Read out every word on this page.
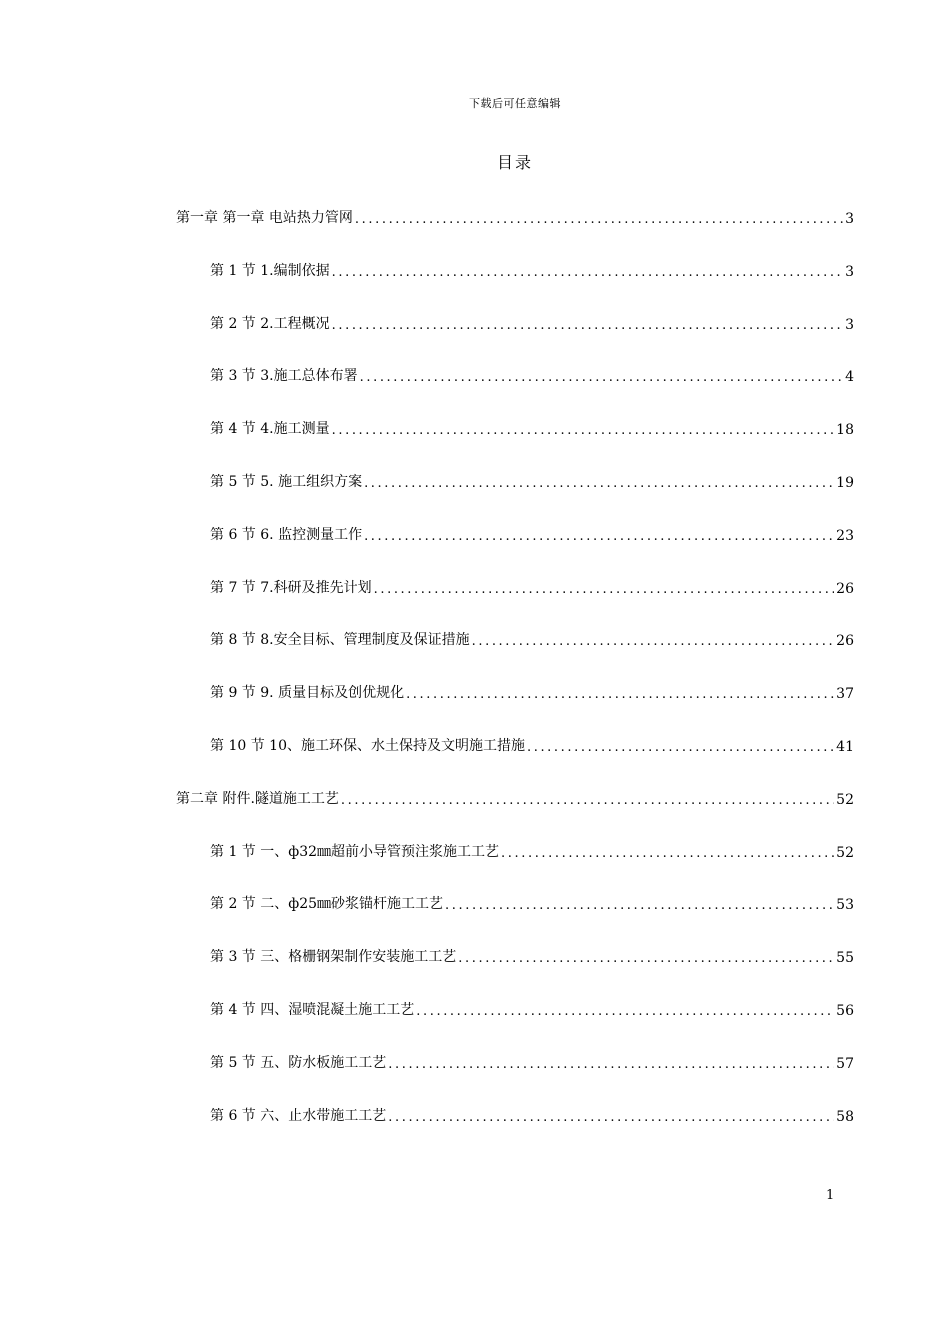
下载后可任意编辑
目录
第一章 第一章 电站热力管网 .....	3
第 1 节 1.编制依据 .....	3
第 2 节 2.工程概况 .....	3
第 3 节 3.施工总体布署 .....	4
第 4 节 4.施工测量 .....	18
第 5 节 5. 施工组织方案 .....	19
第 6 节 6. 监控测量工作 .....	23
第 7 节 7.科研及推先计划 .....	26
第 8 节 8.安全目标、管理制度及保证措施 .....	26
第 9 节 9. 质量目标及创优规化 .....	37
第 10 节 10、施工环保、水土保持及文明施工措施 .....	41
第二章 附件.隧道施工工艺 .....	52
第 1 节 一、ф32㎜超前小导管预注浆施工工艺 .....	52
第 2 节 二、ф25㎜砂浆锚杆施工工艺 .....	53
第 3 节 三、格栅钢架制作安装施工工艺 .....	55
第 4 节 四、湿喷混凝土施工工艺 .....	56
第 5 节 五、防水板施工工艺 .....	57
第 6 节 六、止水带施工工艺 .....	58
1
